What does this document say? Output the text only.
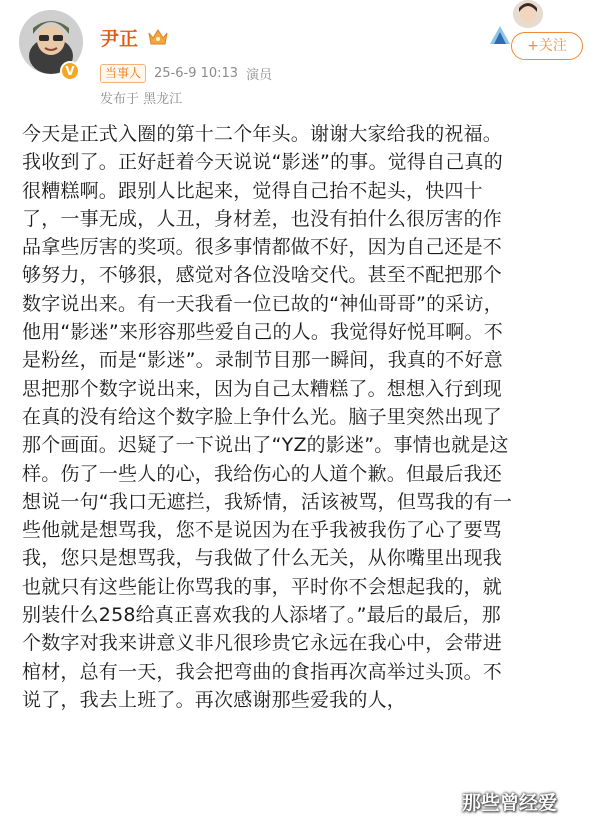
V
尹正
当事人	25-6-9 10:13 演员
发布于 黑龙江
+关注

今天是正式入圈的第十二个年头。谢谢大家给我的祝福。

我收到了。正好赶着今天说说“影迷”的事。觉得自己真的

很糟糕啊。跟别人比起来，觉得自己抬不起头，快四十

了，一事无成，人丑，身材差，也没有拍什么很厉害的作

品拿些厉害的奖项。很多事情都做不好，因为自己还是不

够努力，不够狠，感觉对各位没啥交代。甚至不配把那个

数字说出来。有一天我看一位已故的“神仙哥哥”的采访，

他用“影迷”来形容那些爱自己的人。我觉得好悦耳啊。不

是粉丝，而是“影迷”。录制节目那一瞬间，我真的不好意

思把那个数字说出来，因为自己太糟糕了。想想入行到现

在真的没有给这个数字脸上争什么光。脑子里突然出现了

那个画面。迟疑了一下说出了“YZ的影迷”。事情也就是这

样。伤了一些人的心，我给伤心的人道个歉。但最后我还

想说一句“我口无遮拦，我矫情，活该被骂，但骂我的有一

些他就是想骂我，您不是说因为在乎我被我伤了心了要骂

我，您只是想骂我，与我做了什么无关，从你嘴里出现我

也就只有这些能让你骂我的事，平时你不会想起我的，就

别装什么258给真正喜欢我的人添堵了。”最后的最后，那

个数字对我来讲意义非凡很珍贵它永远在我心中，会带进

棺材，总有一天，我会把弯曲的食指再次高举过头顶。不

说了，我去上班了。再次感谢那些爱我的人，

那些曾经爱
